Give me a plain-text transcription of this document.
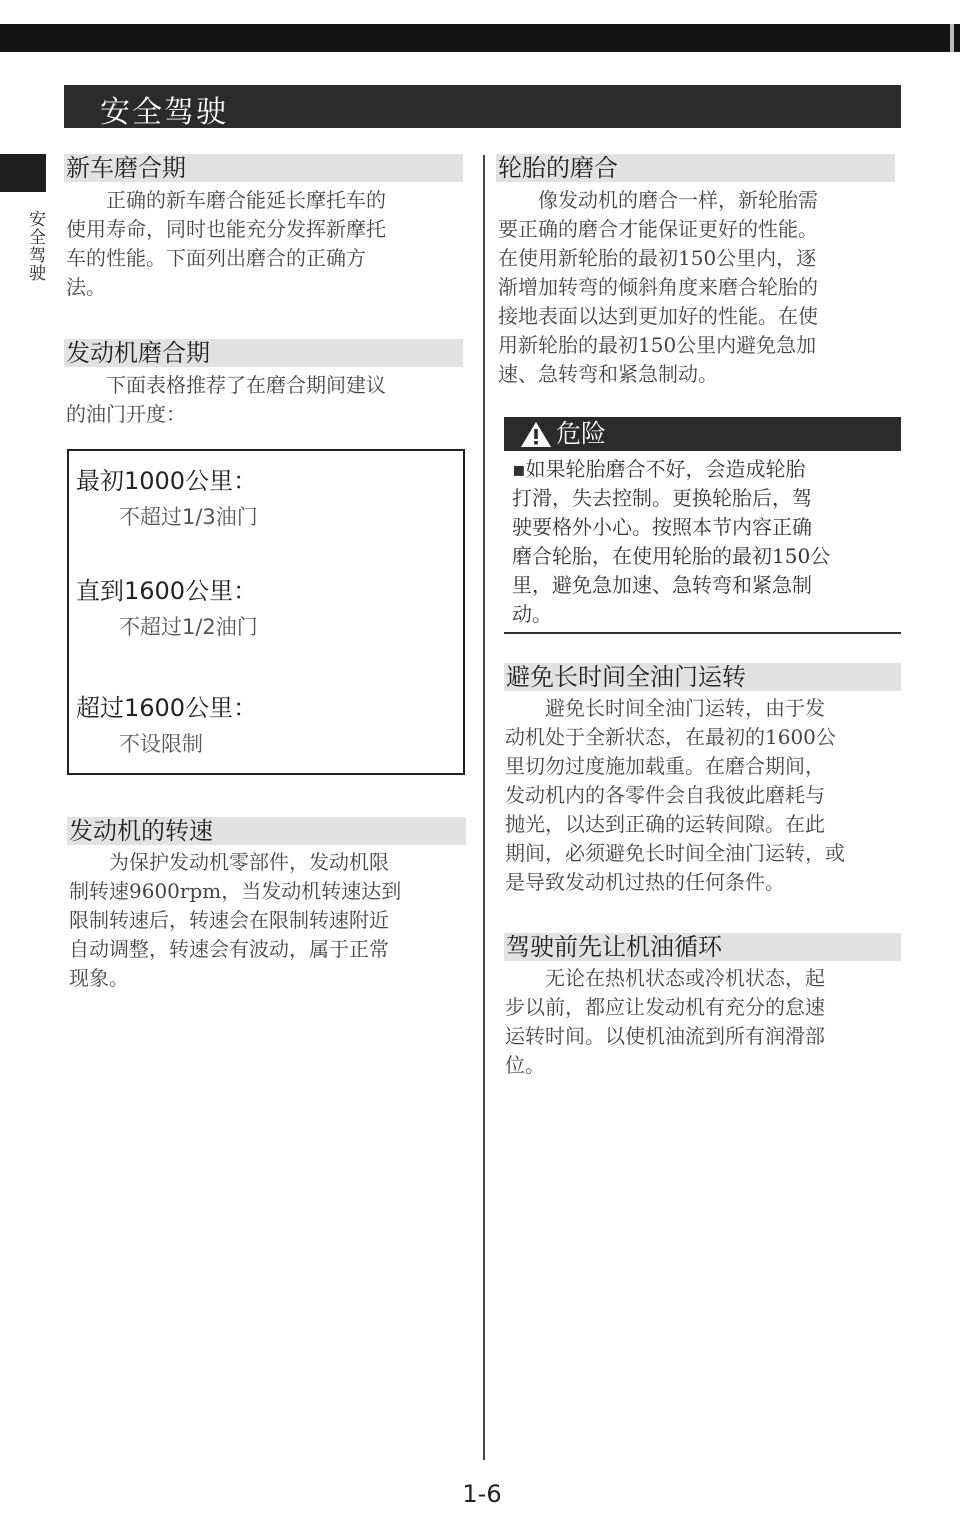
安全驾驶
安全驾驶
新车磨合期
正确的新车磨合能延长摩托车的
使用寿命，同时也能充分发挥新摩托
车的性能。下面列出磨合的正确方
法。
发动机磨合期
下面表格推荐了在磨合期间建议
的油门开度：
最初1000公里：
不超过1/3油门
直到1600公里：
不超过1/2油门
超过1600公里：
不设限制
发动机的转速
为保护发动机零部件，发动机限
制转速9600rpm，当发动机转速达到
限制转速后，转速会在限制转速附近
自动调整，转速会有波动，属于正常
现象。
轮胎的磨合
像发动机的磨合一样，新轮胎需
要正确的磨合才能保证更好的性能。
在使用新轮胎的最初150公里内，逐
渐增加转弯的倾斜角度来磨合轮胎的
接地表面以达到更加好的性能。在使
用新轮胎的最初150公里内避免急加
速、急转弯和紧急制动。
危险
▪如果轮胎磨合不好，会造成轮胎
打滑，失去控制。更换轮胎后，驾
驶要格外小心。按照本节内容正确
磨合轮胎，在使用轮胎的最初150公
里，避免急加速、急转弯和紧急制
动。
避免长时间全油门运转
避免长时间全油门运转，由于发
动机处于全新状态，在最初的1600公
里切勿过度施加载重。在磨合期间，
发动机内的各零件会自我彼此磨耗与
抛光，以达到正确的运转间隙。在此
期间，必须避免长时间全油门运转，或
是导致发动机过热的任何条件。
驾驶前先让机油循环
无论在热机状态或冷机状态，起
步以前，都应让发动机有充分的怠速
运转时间。以使机油流到所有润滑部
位。
1-6
